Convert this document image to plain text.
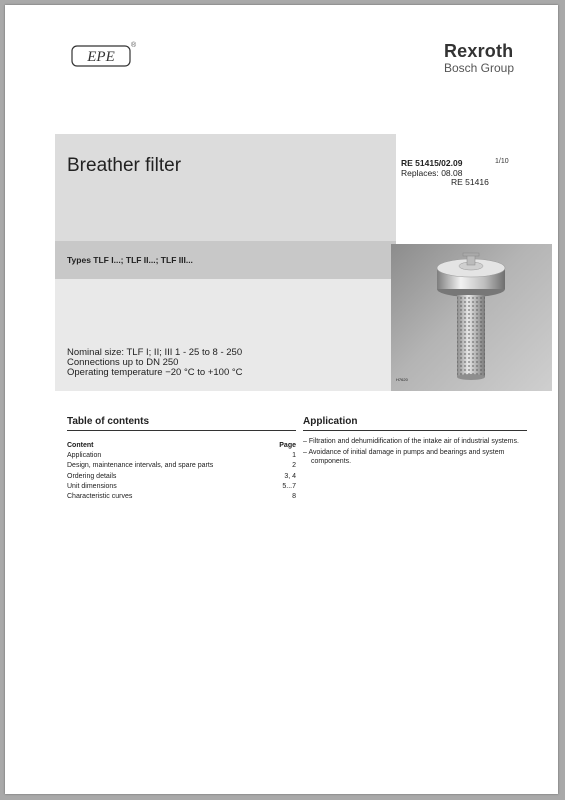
EPE
®	Rexroth
Bosch Group
Breather filter
Types TLF I...; TLF II...; TLF III...
Nominal size: TLF I; II; III 1 - 25 to 8 - 250
Connections up to DN 250
Operating temperature −20 °C to +100 °C
RE 51415/02.09
Replaces: 08.08
RE 51416
1/10
H7620
Table of contents
Content	Page
Application	1
Design, maintenance intervals, and spare parts	2
Ordering details	3, 4
Unit dimensions	5...7
Characteristic curves	8
Application
– Filtration and dehumidification of the intake air of industrial systems.
– Avoidance of initial damage in pumps and bearings and system components.
